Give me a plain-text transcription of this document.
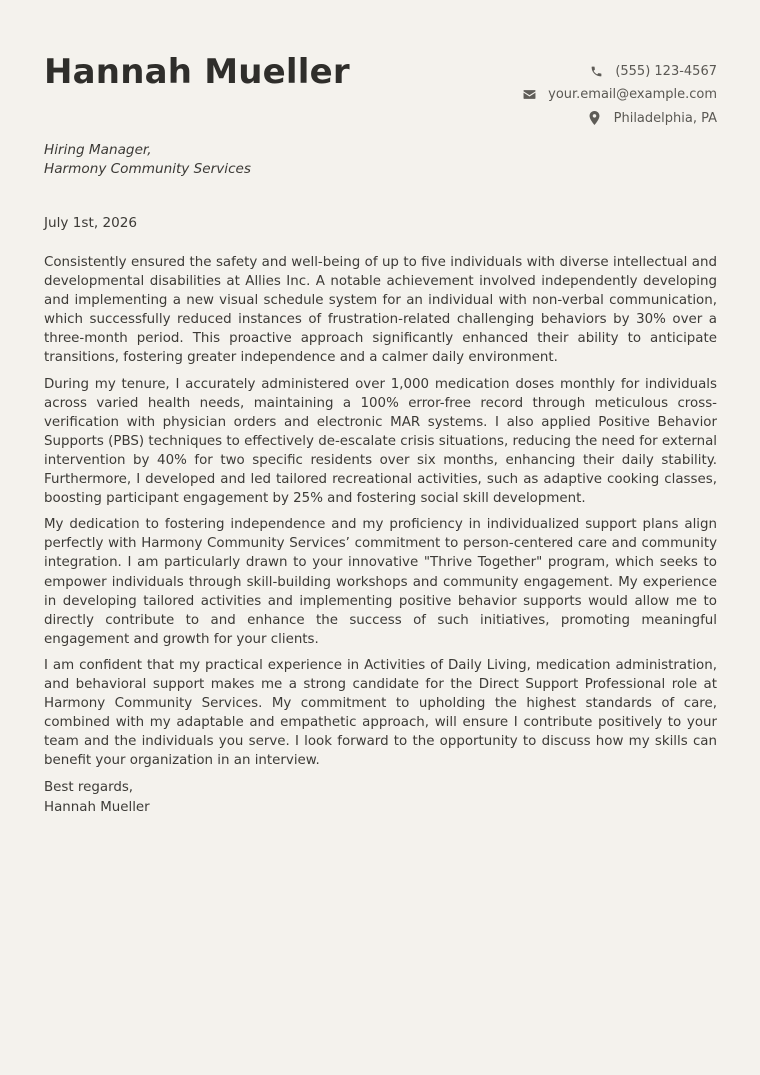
Hannah Mueller	(555) 123-4567
your.email@example.com
Philadelphia, PA
Hiring Manager,
Harmony Community Services
July 1st, 2026

Consistently ensured the safety and well-being of up to five individuals with diverse intellectual and developmental disabilities at Allies Inc. A notable achievement involved independently developing and implementing a new visual schedule system for an individual with non-verbal communication, which successfully reduced instances of frustration-related challenging behaviors by 30% over a three-month period. This proactive approach significantly enhanced their ability to anticipate transitions, fostering greater independence and a calmer daily environment.

During my tenure, I accurately administered over 1,000 medication doses monthly for individuals across varied health needs, maintaining a 100% error-free record through meticulous cross-verification with physician orders and electronic MAR systems. I also applied Positive Behavior Supports (PBS) techniques to effectively de-escalate crisis situations, reducing the need for external intervention by 40% for two specific residents over six months, enhancing their daily stability. Furthermore, I developed and led tailored recreational activities, such as adaptive cooking classes, boosting participant engagement by 25% and fostering social skill development.

My dedication to fostering independence and my proficiency in individualized support plans align perfectly with Harmony Community Services’ commitment to person-centered care and community integration. I am particularly drawn to your innovative "Thrive Together" program, which seeks to empower individuals through skill-building workshops and community engagement. My experience in developing tailored activities and implementing positive behavior supports would allow me to directly contribute to and enhance the success of such initiatives, promoting meaningful engagement and growth for your clients.

I am confident that my practical experience in Activities of Daily Living, medication administration, and behavioral support makes me a strong candidate for the Direct Support Professional role at Harmony Community Services. My commitment to upholding the highest standards of care, combined with my adaptable and empathetic approach, will ensure I contribute positively to your team and the individuals you serve. I look forward to the opportunity to discuss how my skills can benefit your organization in an interview.

Best regards,
Hannah Mueller
